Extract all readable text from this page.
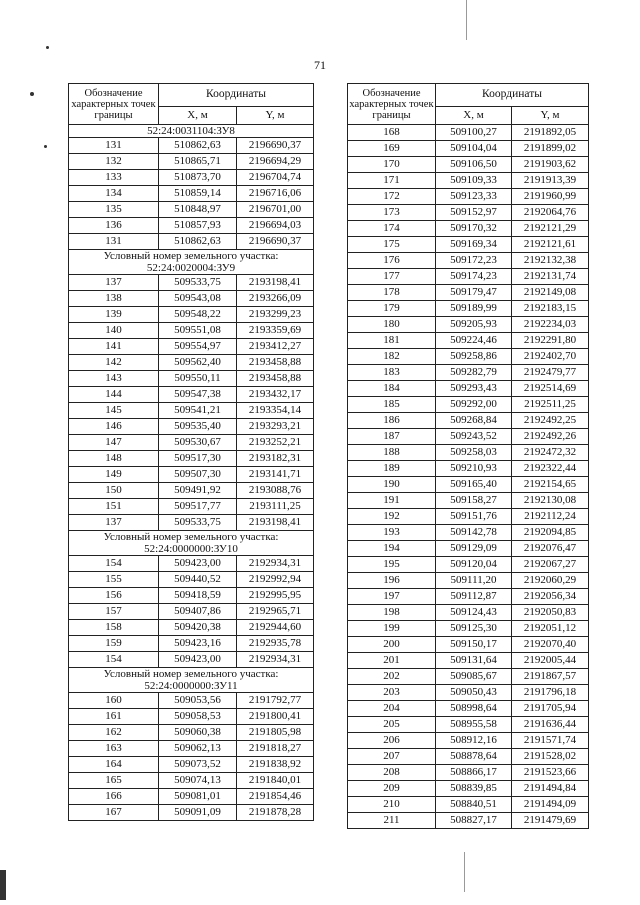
71
Обозначение характерных точек границы	Координаты	
	X, м	Y, м
52:24:0031104:ЗУ8		
131	510862,63	2196690,37
132	510865,71	2196694,29
133	510873,70	2196704,74
134	510859,14	2196716,06
135	510848,97	2196701,00
136	510857,93	2196694,03
131	510862,63	2196690,37
Условный номер земельного участка: 52:24:0020004:ЗУ9		
137	509533,75	2193198,41
138	509543,08	2193266,09
139	509548,22	2193299,23
140	509551,08	2193359,69
141	509554,97	2193412,27
142	509562,40	2193458,88
143	509550,11	2193458,88
144	509547,38	2193432,17
145	509541,21	2193354,14
146	509535,40	2193293,21
147	509530,67	2193252,21
148	509517,30	2193182,31
149	509507,30	2193141,71
150	509491,92	2193088,76
151	509517,77	2193111,25
137	509533,75	2193198,41
Условный номер земельного участка: 52:24:0000000:ЗУ10		
154	509423,00	2192934,31
155	509440,52	2192992,94
156	509418,59	2192995,95
157	509407,86	2192965,71
158	509420,38	2192944,60
159	509423,16	2192935,78
154	509423,00	2192934,31
Условный номер земельного участка: 52:24:0000000:ЗУ11		
160	509053,56	2191792,77
161	509058,53	2191800,41
162	509060,38	2191805,98
163	509062,13	2191818,27
164	509073,52	2191838,92
165	509074,13	2191840,01
166	509081,01	2191854,46
167	509091,09	2191878,28
Обозначение характерных точек границы	Координаты	
	X, м	Y, м
168	509100,27	2191892,05
169	509104,04	2191899,02
170	509106,50	2191903,62
171	509109,33	2191913,39
172	509123,33	2191960,99
173	509152,97	2192064,76
174	509170,32	2192121,29
175	509169,34	2192121,61
176	509172,23	2192132,38
177	509174,23	2192131,74
178	509179,47	2192149,08
179	509189,99	2192183,15
180	509205,93	2192234,03
181	509224,46	2192291,80
182	509258,86	2192402,70
183	509282,79	2192479,77
184	509293,43	2192514,69
185	509292,00	2192511,25
186	509268,84	2192492,25
187	509243,52	2192492,26
188	509258,03	2192472,32
189	509210,93	2192322,44
190	509165,40	2192154,65
191	509158,27	2192130,08
192	509151,76	2192112,24
193	509142,78	2192094,85
194	509129,09	2192076,47
195	509120,04	2192067,27
196	509111,20	2192060,29
197	509112,87	2192056,34
198	509124,43	2192050,83
199	509125,30	2192051,12
200	509150,17	2192070,40
201	509131,64	2192005,44
202	509085,67	2191867,57
203	509050,43	2191796,18
204	508998,64	2191705,94
205	508955,58	2191636,44
206	508912,16	2191571,74
207	508878,64	2191528,02
208	508866,17	2191523,66
209	508839,85	2191494,84
210	508840,51	2191494,09
211	508827,17	2191479,69
